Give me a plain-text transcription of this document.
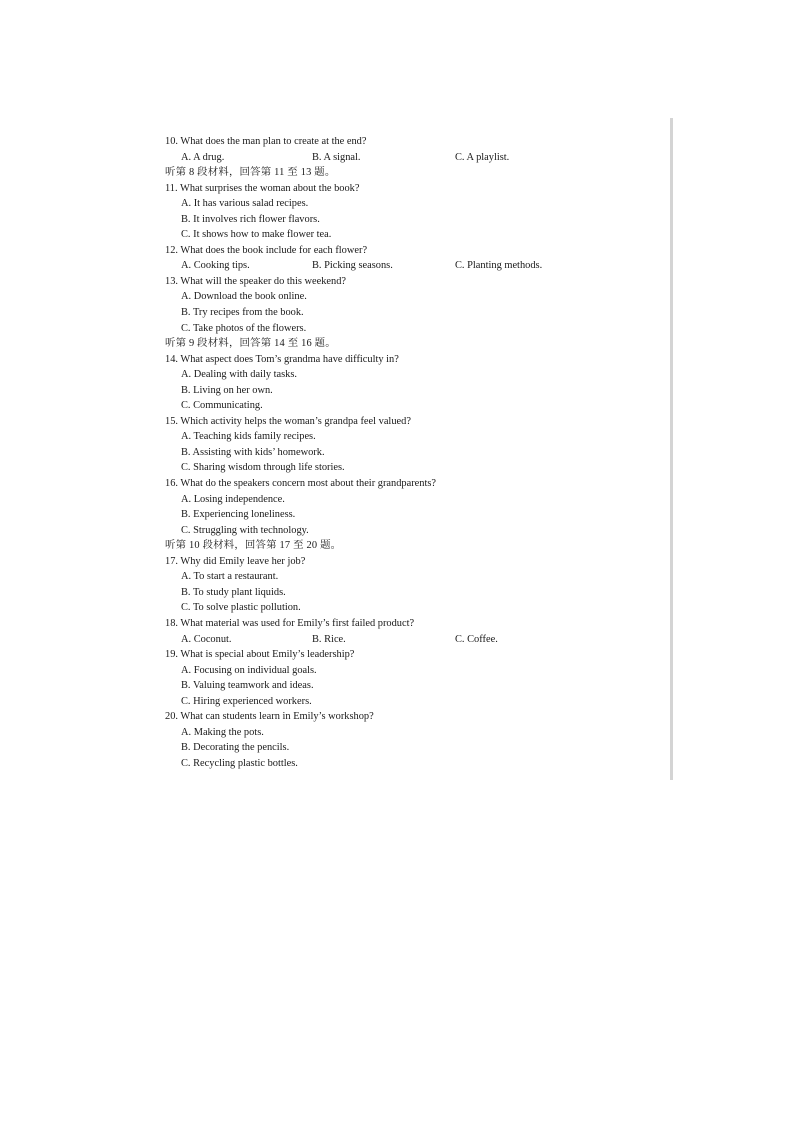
10. What does the man plan to create at the end?
A. A drug.	B. A signal.	C. A playlist.
听第 8 段材料，回答第 11 至 13 题。
11. What surprises the woman about the book?
A. It has various salad recipes.
B. It involves rich flower flavors.
C. It shows how to make flower tea.
12. What does the book include for each flower?
A. Cooking tips.	B. Picking seasons.	C. Planting methods.
13. What will the speaker do this weekend?
A. Download the book online.
B. Try recipes from the book.
C. Take photos of the flowers.
听第 9 段材料，回答第 14 至 16 题。
14. What aspect does Tom’s grandma have difficulty in?
A. Dealing with daily tasks.
B. Living on her own.
C. Communicating.
15. Which activity helps the woman’s grandpa feel valued?
A. Teaching kids family recipes.
B. Assisting with kids’ homework.
C. Sharing wisdom through life stories.
16. What do the speakers concern most about their grandparents?
A. Losing independence.
B. Experiencing loneliness.
C. Struggling with technology.
听第 10 段材料，回答第 17 至 20 题。
17. Why did Emily leave her job?
A. To start a restaurant.
B. To study plant liquids.
C. To solve plastic pollution.
18. What material was used for Emily’s first failed product?
A. Coconut.	B. Rice.	C. Coffee.
19. What is special about Emily’s leadership?
A. Focusing on individual goals.
B. Valuing teamwork and ideas.
C. Hiring experienced workers.
20. What can students learn in Emily’s workshop?
A. Making the pots.
B. Decorating the pencils.
C. Recycling plastic bottles.
